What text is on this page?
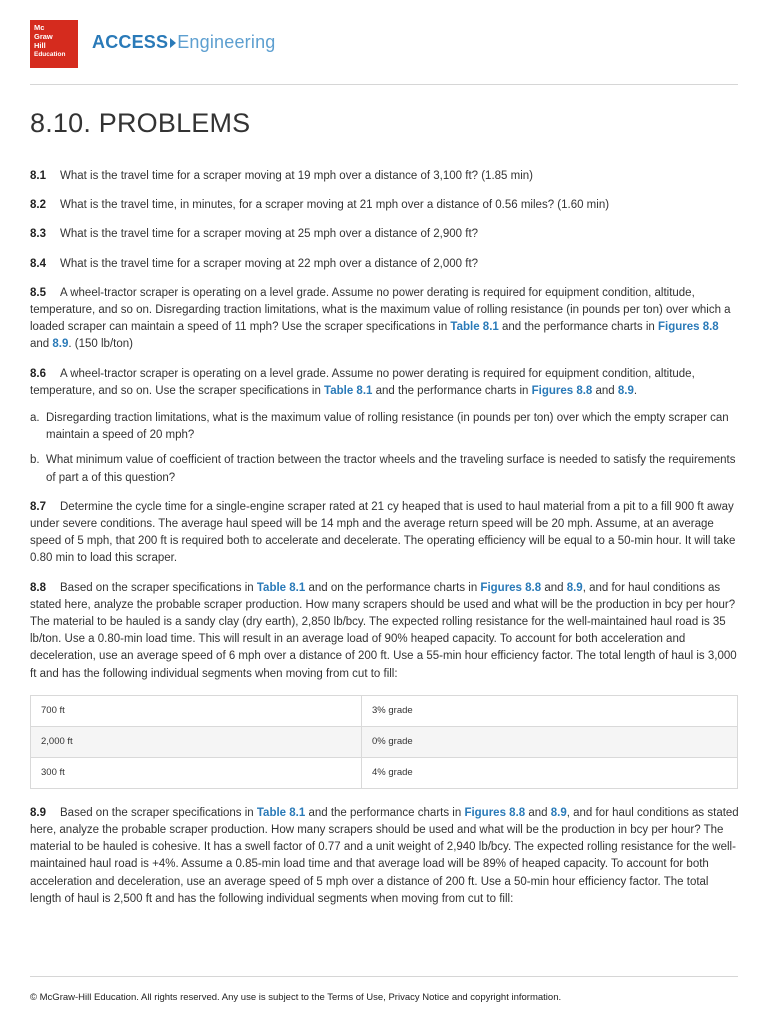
Mc
Graw
Hill
Education
ACCESS Engineering
8.10. PROBLEMS

8.1 What is the travel time for a scraper moving at 19 mph over a distance of 3,100 ft? (1.85 min)

8.2 What is the travel time, in minutes, for a scraper moving at 21 mph over a distance of 0.56 miles? (1.60 min)

8.3 What is the travel time for a scraper moving at 25 mph over a distance of 2,900 ft?

8.4 What is the travel time for a scraper moving at 22 mph over a distance of 2,000 ft?

8.5 A wheel-tractor scraper is operating on a level grade. Assume no power derating is required for equipment condition, altitude, temperature, and so on. Disregarding traction limitations, what is the maximum value of rolling resistance (in pounds per ton) over which a loaded scraper can maintain a speed of 11 mph? Use the scraper specifications in Table 8.1 and the performance charts in Figures 8.8 and 8.9. (150 lb/ton)

8.6 A wheel-tractor scraper is operating on a level grade. Assume no power derating is required for equipment condition, altitude, temperature, and so on. Use the scraper specifications in Table 8.1 and the performance charts in Figures 8.8 and 8.9.
a. Disregarding traction limitations, what is the maximum value of rolling resistance (in pounds per ton) over which the empty scraper can maintain a speed of 20 mph?
b. What minimum value of coefficient of traction between the tractor wheels and the traveling surface is needed to satisfy the requirements of part a of this question?

8.7 Determine the cycle time for a single-engine scraper rated at 21 cy heaped that is used to haul material from a pit to a fill 900 ft away under severe conditions. The average haul speed will be 14 mph and the average return speed will be 20 mph. Assume, at an average speed of 5 mph, that 200 ft is required both to accelerate and decelerate. The operating efficiency will be equal to a 50-min hour. It will take 0.80 min to load this scraper.

8.8 Based on the scraper specifications in Table 8.1 and on the performance charts in Figures 8.8 and 8.9, and for haul conditions as stated here, analyze the probable scraper production. How many scrapers should be used and what will be the production in bcy per hour? The material to be hauled is a sandy clay (dry earth), 2,850 lb/bcy. The expected rolling resistance for the well-maintained haul road is 35 lb/ton. Use a 0.80-min load time. This will result in an average load of 90% heaped capacity. To account for both acceleration and deceleration, use an average speed of 6 mph over a distance of 200 ft. Use a 55-min hour efficiency factor. The total length of haul is 3,000 ft and has the following individual segments when moving from cut to fill:
700 ft	3% grade
2,000 ft	0% grade
300 ft	4% grade

8.9 Based on the scraper specifications in Table 8.1 and the performance charts in Figures 8.8 and 8.9, and for haul conditions as stated here, analyze the probable scraper production. How many scrapers should be used and what will be the production in bcy per hour? The material to be hauled is cohesive. It has a swell factor of 0.77 and a unit weight of 2,940 lb/bcy. The expected rolling resistance for the well-maintained haul road is +4%. Assume a 0.85-min load time and that average load will be 89% of heaped capacity. To account for both acceleration and deceleration, use an average speed of 5 mph over a distance of 200 ft. Use a 50-min hour efficiency factor. The total length of haul is 2,500 ft and has the following individual segments when moving from cut to fill:

© McGraw-Hill Education. All rights reserved. Any use is subject to the Terms of Use, Privacy Notice and copyright information.
